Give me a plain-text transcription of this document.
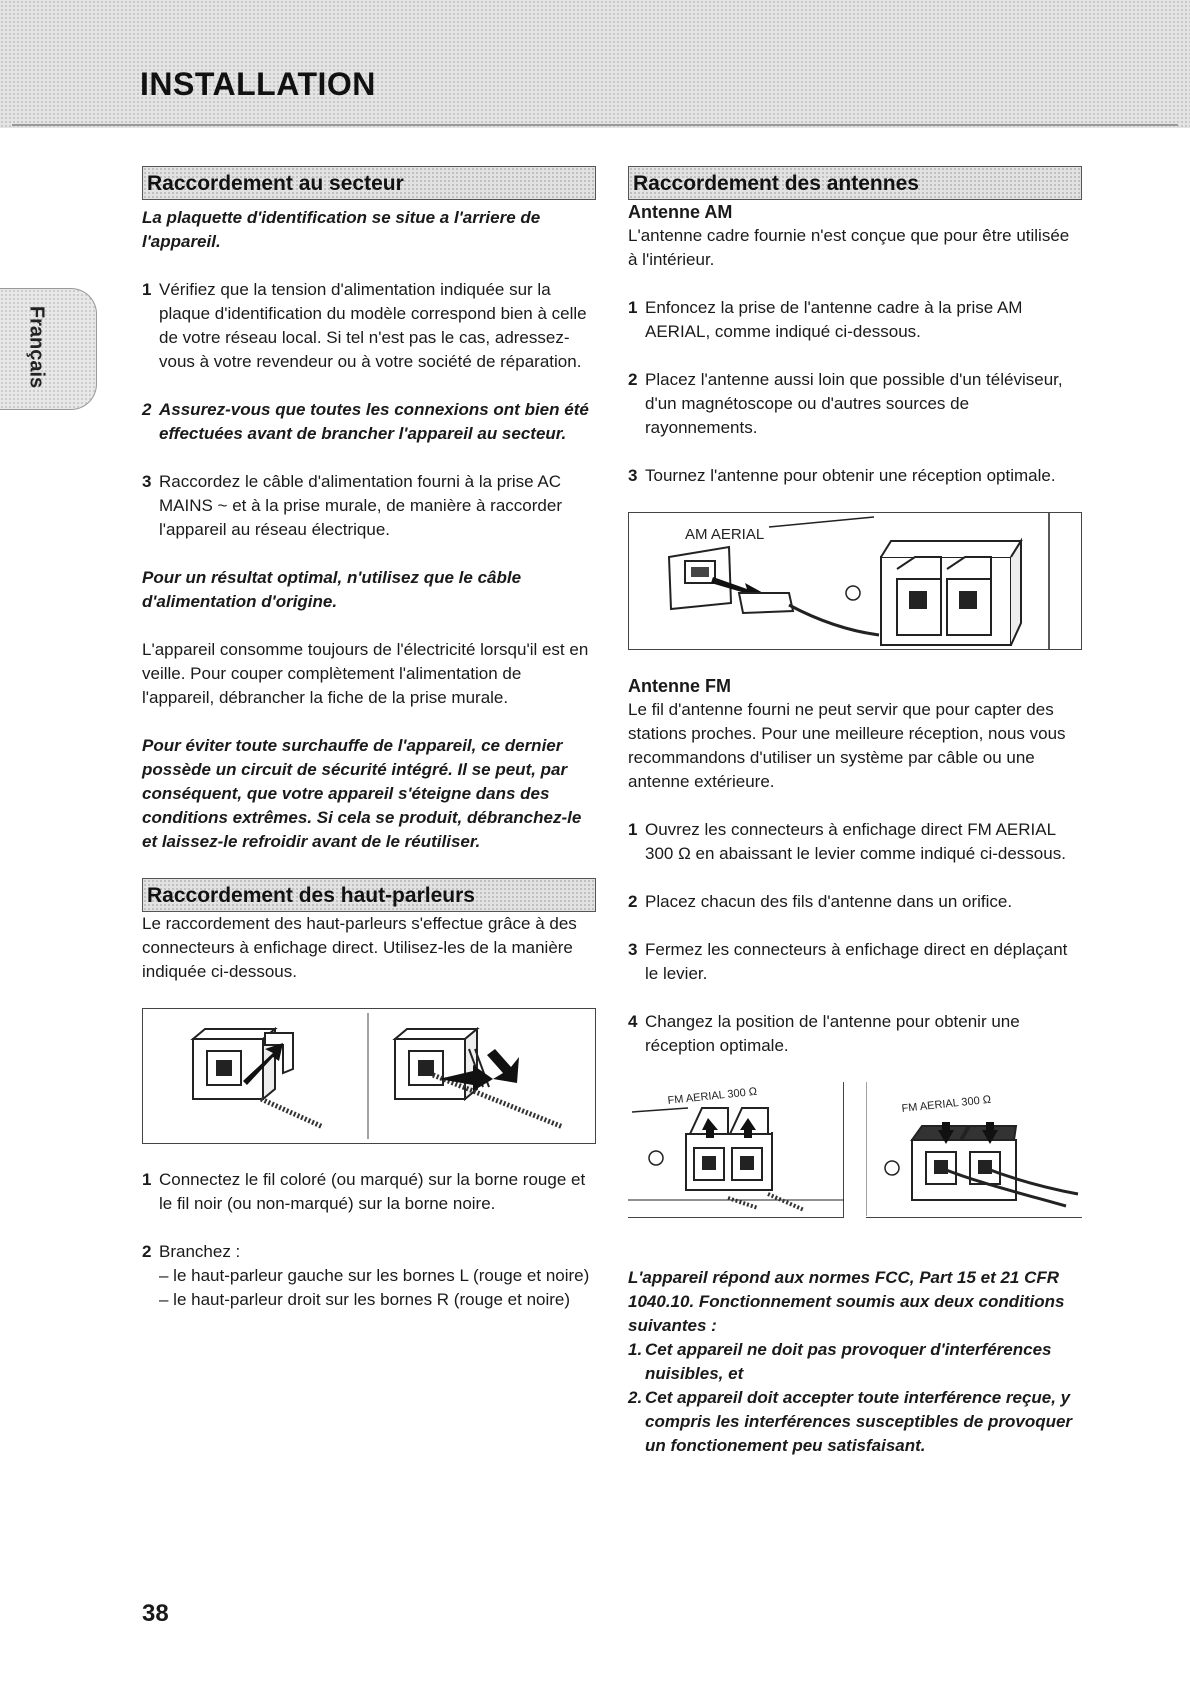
INSTALLATION
Français
Raccordement au secteur

La plaquette d'identification se situe a l'arriere de l'appareil.

1 Vérifiez que la tension d'alimentation indiquée sur la plaque d'identification du modèle correspond bien à celle de votre réseau local. Si tel n'est pas le cas, adressez-vous à votre revendeur ou à votre société de réparation.
2 Assurez-vous que toutes les connexions ont bien été effectuées avant de brancher l'appareil au secteur.
3 Raccordez le câble d'alimentation fourni à la prise AC MAINS ~ et à la prise murale, de manière à raccorder l'appareil au réseau électrique.

Pour un résultat optimal, n'utilisez que le câble d'alimentation d'origine.

L'appareil consomme toujours de l'électricité lorsqu'il est en veille. Pour couper complètement l'alimentation de l'appareil, débrancher la fiche de la prise murale.

Pour éviter toute surchauffe de l'appareil, ce dernier possède un circuit de sécurité intégré. Il se peut, par conséquent, que votre appareil s'éteigne dans des conditions extrêmes. Si cela se produit, débranchez-le et laissez-le refroidir avant de le réutiliser.

Raccordement des haut-parleurs

Le raccordement des haut-parleurs s'effectue grâce à des connecteurs à enfichage direct. Utilisez-les de la manière indiquée ci-dessous.

1 Connectez le fil coloré (ou marqué) sur la borne rouge et le fil noir (ou non-marqué) sur la borne noire.
2 Branchez :

– le haut-parleur gauche sur les bornes L (rouge et noire)

– le haut-parleur droit sur les bornes R (rouge et noire)

Raccordement des antennes

Antenne AM

L'antenne cadre fournie n'est conçue que pour être utilisée à l'intérieur.

1 Enfoncez la prise de l'antenne cadre à la prise AM AERIAL, comme indiqué ci-dessous.
2 Placez l'antenne aussi loin que possible d'un téléviseur, d'un magnétoscope ou d'autres sources de rayonnements.
3 Tournez l'antenne pour obtenir une réception optimale.
AM AERIAL

Antenne FM

Le fil d'antenne fourni ne peut servir que pour capter des stations proches. Pour une meilleure réception, nous vous recommandons d'utiliser un système par câble ou une antenne extérieure.

1 Ouvrez les connecteurs à enfichage direct FM AERIAL 300 Ω en abaissant le levier comme indiqué ci-dessous.
2 Placez chacun des fils d'antenne dans un orifice.
3 Fermez les connecteurs à enfichage direct en déplaçant le levier.
4 Changez la position de l'antenne pour obtenir une réception optimale.
FM AERIAL 300 Ω	FM AERIAL 300 Ω

L'appareil répond aux normes FCC, Part 15 et 21 CFR 1040.10. Fonctionnement soumis aux deux conditions suivantes :

1. Cet appareil ne doit pas provoquer d'interférences nuisibles, et
2. Cet appareil doit accepter toute interférence reçue, y compris les interférences susceptibles de provoquer un fonctionement peu satisfaisant.
38
